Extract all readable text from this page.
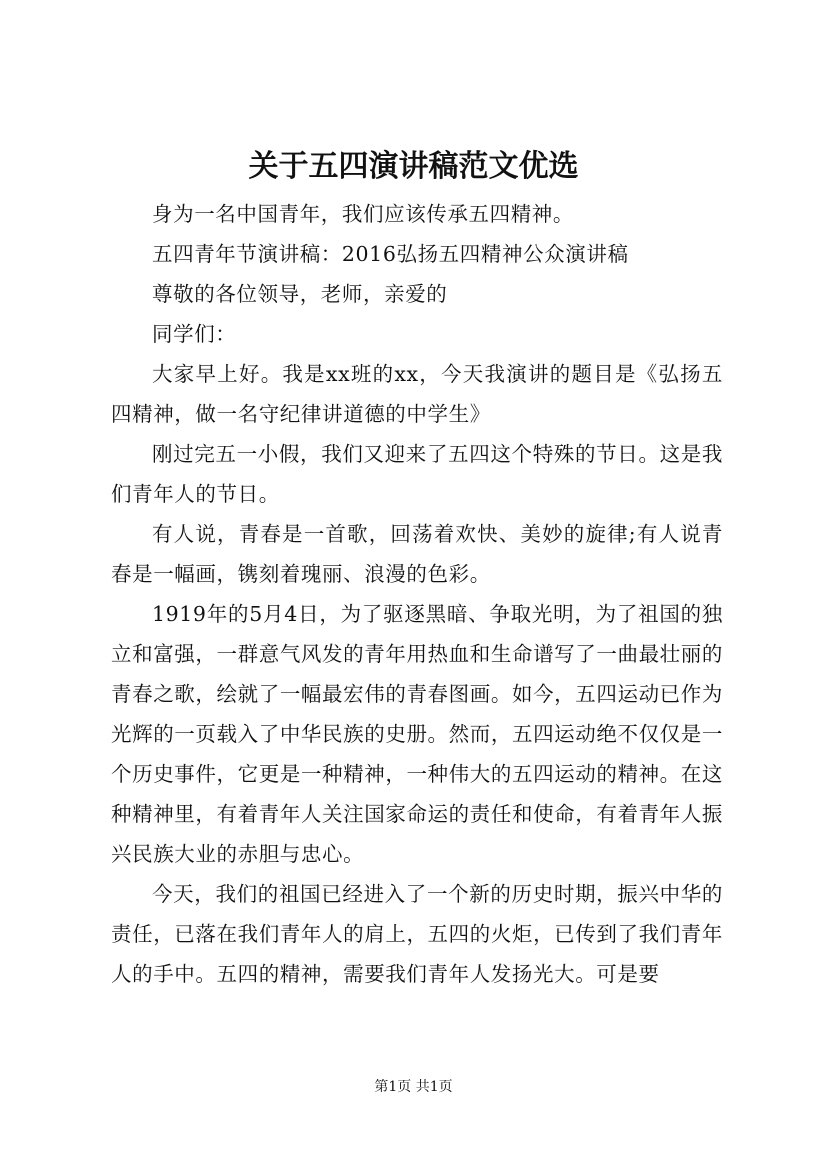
关于五四演讲稿范文优选

身为一名中国青年，我们应该传承五四精神。

五四青年节演讲稿：2016弘扬五四精神公众演讲稿

尊敬的各位领导，老师，亲爱的

同学们：

大家早上好。我是xx班的xx，今天我演讲的题目是《弘扬五四精神，做一名守纪律讲道德的中学生》

刚过完五一小假，我们又迎来了五四这个特殊的节日。这是我们青年人的节日。

有人说，青春是一首歌，回荡着欢快、美妙的旋律;有人说青春是一幅画，镌刻着瑰丽、浪漫的色彩。

1919年的5月4日，为了驱逐黑暗、争取光明，为了祖国的独立和富强，一群意气风发的青年用热血和生命谱写了一曲最壮丽的青春之歌，绘就了一幅最宏伟的青春图画。如今，五四运动已作为光辉的一页载入了中华民族的史册。然而，五四运动绝不仅仅是一个历史事件，它更是一种精神，一种伟大的五四运动的精神。在这种精神里，有着青年人关注国家命运的责任和使命，有着青年人振兴民族大业的赤胆与忠心。

今天，我们的祖国已经进入了一个新的历史时期，振兴中华的责任，已落在我们青年人的肩上，五四的火炬，已传到了我们青年人的手中。五四的精神，需要我们青年人发扬光大。可是要

第1页 共1页
